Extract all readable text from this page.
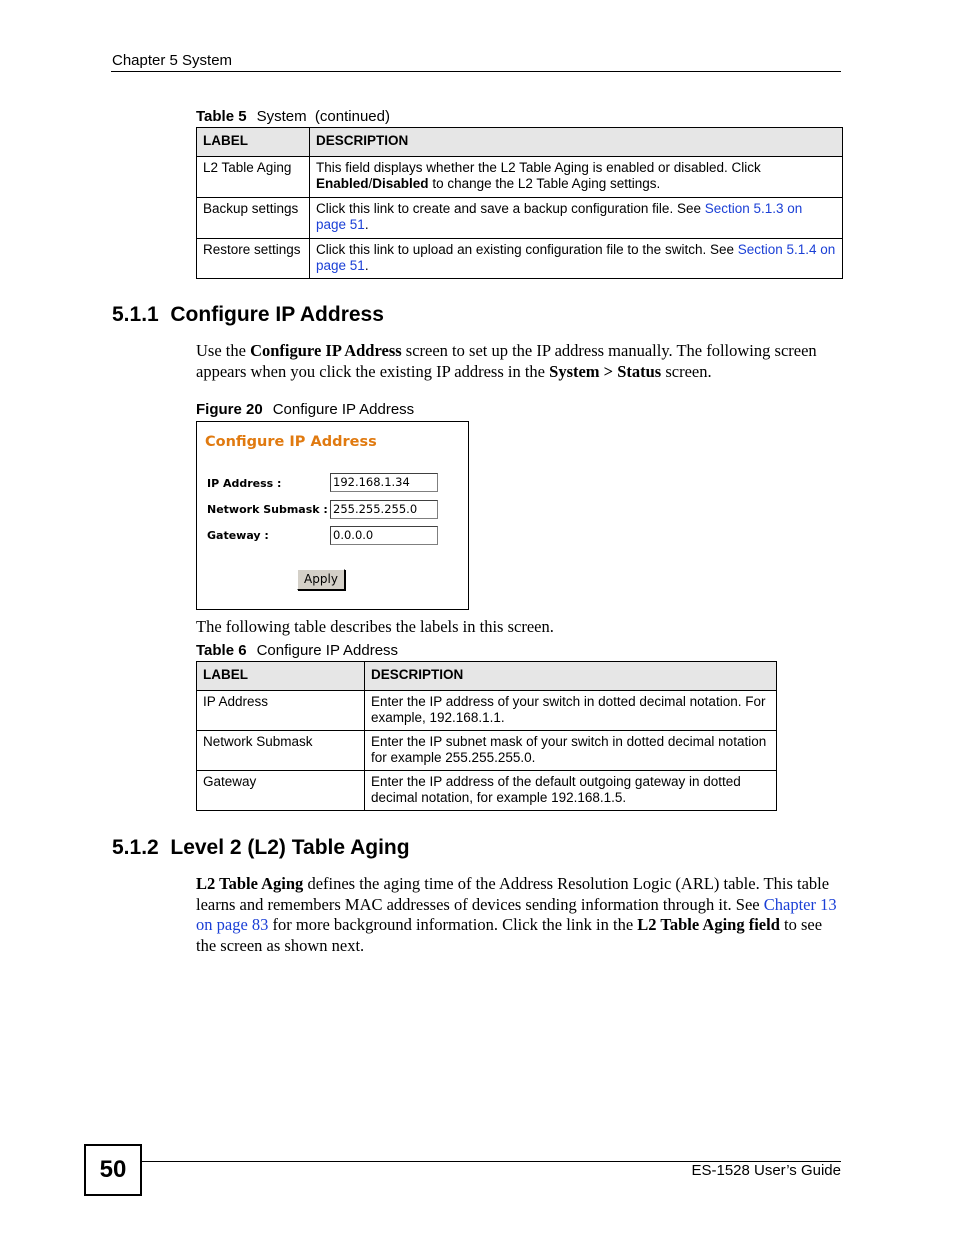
Chapter 5 System
Table 5 System  (continued)
LABEL	DESCRIPTION
L2 Table Aging	This field displays whether the L2 Table Aging is enabled or disabled. Click Enabled/Disabled to change the L2 Table Aging settings.
Backup settings	Click this link to create and save a backup configuration file. See Section 5.1.3 on page 51.
Restore settings	Click this link to upload an existing configuration file to the switch. See Section 5.1.4 on page 51.
5.1.1  Configure IP Address
Use the Configure IP Address screen to set up the IP address manually. The following screen appears when you click the existing IP address in the System > Status screen.
Figure 20 Configure IP Address
Configure IP Address
IP Address :	192.168.1.34
Network Submask : 255.255.255.0
Gateway :	0.0.0.0
Apply
The following table describes the labels in this screen.
Table 6 Configure IP Address
LABEL	DESCRIPTION
IP Address	Enter the IP address of your switch in dotted decimal notation. For example, 192.168.1.1.
Network Submask	Enter the IP subnet mask of your switch in dotted decimal notation for example 255.255.255.0.
Gateway	Enter the IP address of the default outgoing gateway in dotted decimal notation, for example 192.168.1.5.
5.1.2  Level 2 (L2) Table Aging
L2 Table Aging defines the aging time of the Address Resolution Logic (ARL) table. This table learns and remembers MAC addresses of devices sending information through it. See Chapter 13 on page 83 for more background information. Click the link in the L2 Table Aging field to see the screen as shown next.
50	ES-1528 User’s Guide
